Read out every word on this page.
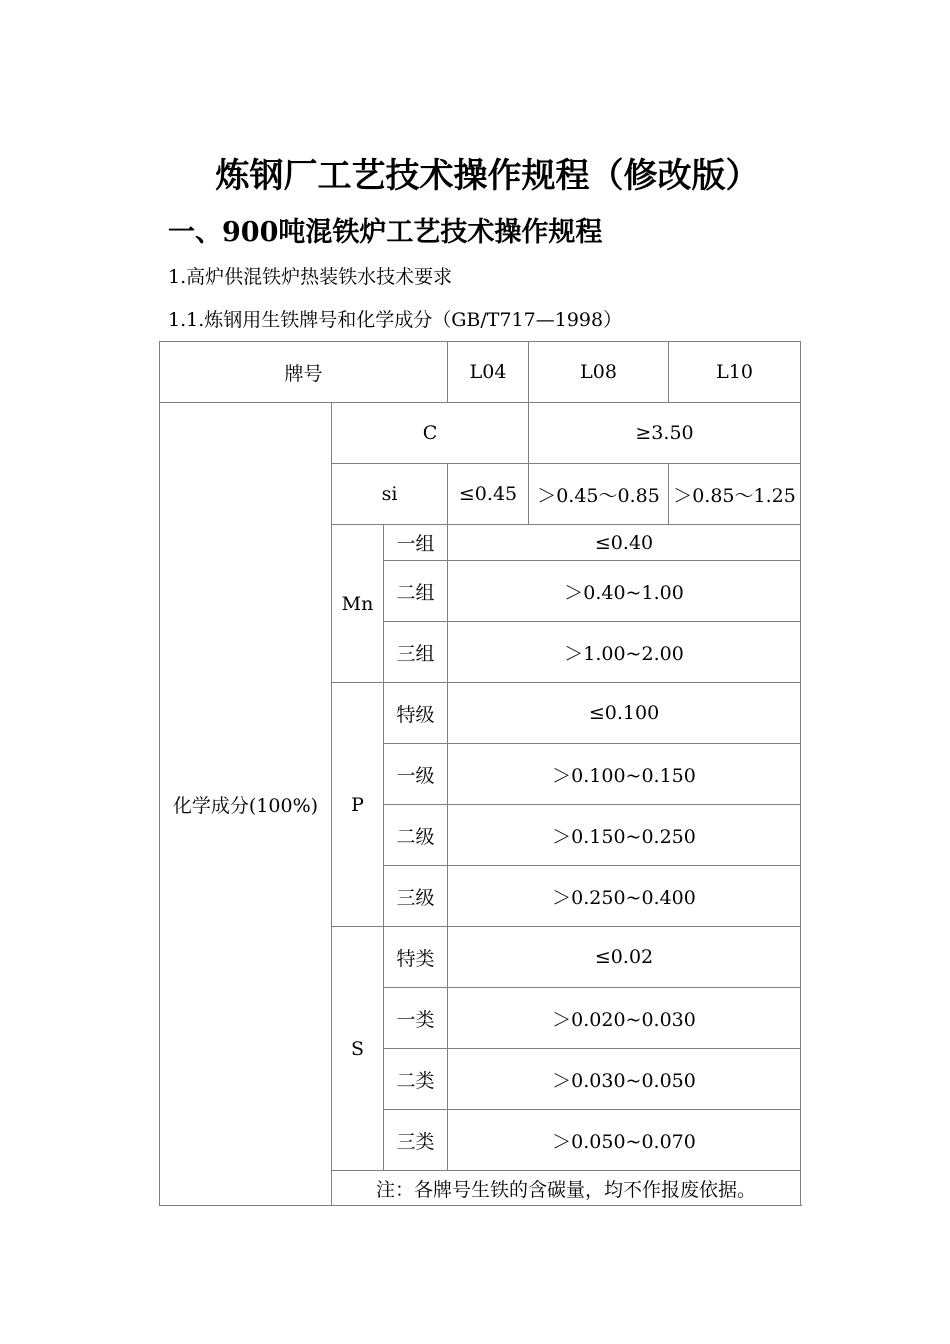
炼钢厂工艺技术操作规程（修改版）
一、900吨混铁炉工艺技术操作规程
1.高炉供混铁炉热装铁水技术要求
1.1.炼钢用生铁牌号和化学成分（GB/T717—1998）
牌号			L04	L08	L10
化学成分(100%)	C			≥3.50	
	si		≤0.45	＞0.45～0.85	＞0.85～1.25
	Mn	一组	≤0.40		
		二组	＞0.40~1.00		
		三组	＞1.00~2.00		
	P	特级	≤0.100		
		一级	＞0.100~0.150		
		二级	＞0.150~0.250		
		三级	＞0.250~0.400		
	S	特类	≤0.02		
		一类	＞0.020~0.030		
		二类	＞0.030~0.050		
		三类	＞0.050~0.070		
	注：各牌号生铁的含碳量，均不作报废依据。				
